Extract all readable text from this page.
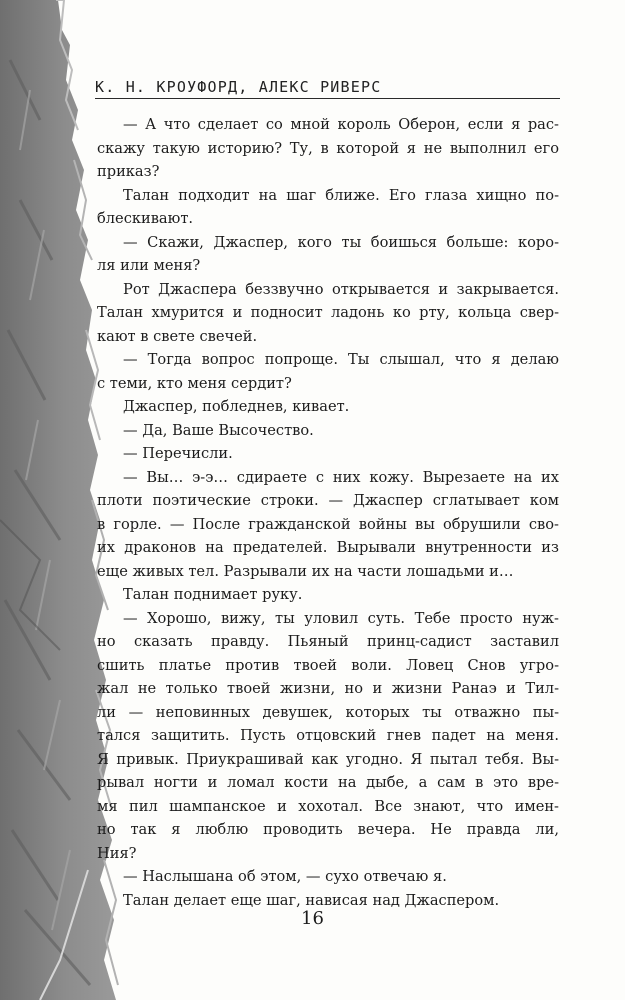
К. Н. КРОУФОРД, АЛЕКС РИВЕРС
— А что сделает со мной король Оберон, если я рас-
скажу такую историю? Ту, в которой я не выполнил его
приказ?
Талан подходит на шаг ближе. Его глаза хищно по-
блескивают.
— Скажи, Джаспер, кого ты боишься больше: коро-
ля или меня?
Рот Джаспера беззвучно открывается и закрывается.
Талан хмурится и подносит ладонь ко рту, кольца свер-
кают в свете свечей.
— Тогда вопрос попроще. Ты слышал, что я делаю
с теми, кто меня сердит?
Джаспер, побледнев, кивает.
— Да, Ваше Высочество.
— Перечисли.
— Вы… э-э… сдираете с них кожу. Вырезаете на их
плоти поэтические строки. — Джаспер сглатывает ком
в горле. — После гражданской войны вы обрушили сво-
их драконов на предателей. Вырывали внутренности из
еще живых тел. Разрывали их на части лошадьми и…
Талан поднимает руку.
— Хорошо, вижу, ты уловил суть. Тебе просто нуж-
но сказать правду. Пьяный принц-садист заставил
сшить платье против твоей воли. Ловец Снов угро-
жал не только твоей жизни, но и жизни Ранаэ и Тил-
ли — неповинных девушек, которых ты отважно пы-
тался защитить. Пусть отцовский гнев падет на меня.
Я привык. Приукрашивай как угодно. Я пытал тебя. Вы-
рывал ногти и ломал кости на дыбе, а сам в это вре-
мя пил шампанское и хохотал. Все знают, что имен-
но так я люблю проводить вечера. Не правда ли,
Ния?
— Наслышана об этом, — сухо отвечаю я.
Талан делает еще шаг, нависая над Джаспером.
16
